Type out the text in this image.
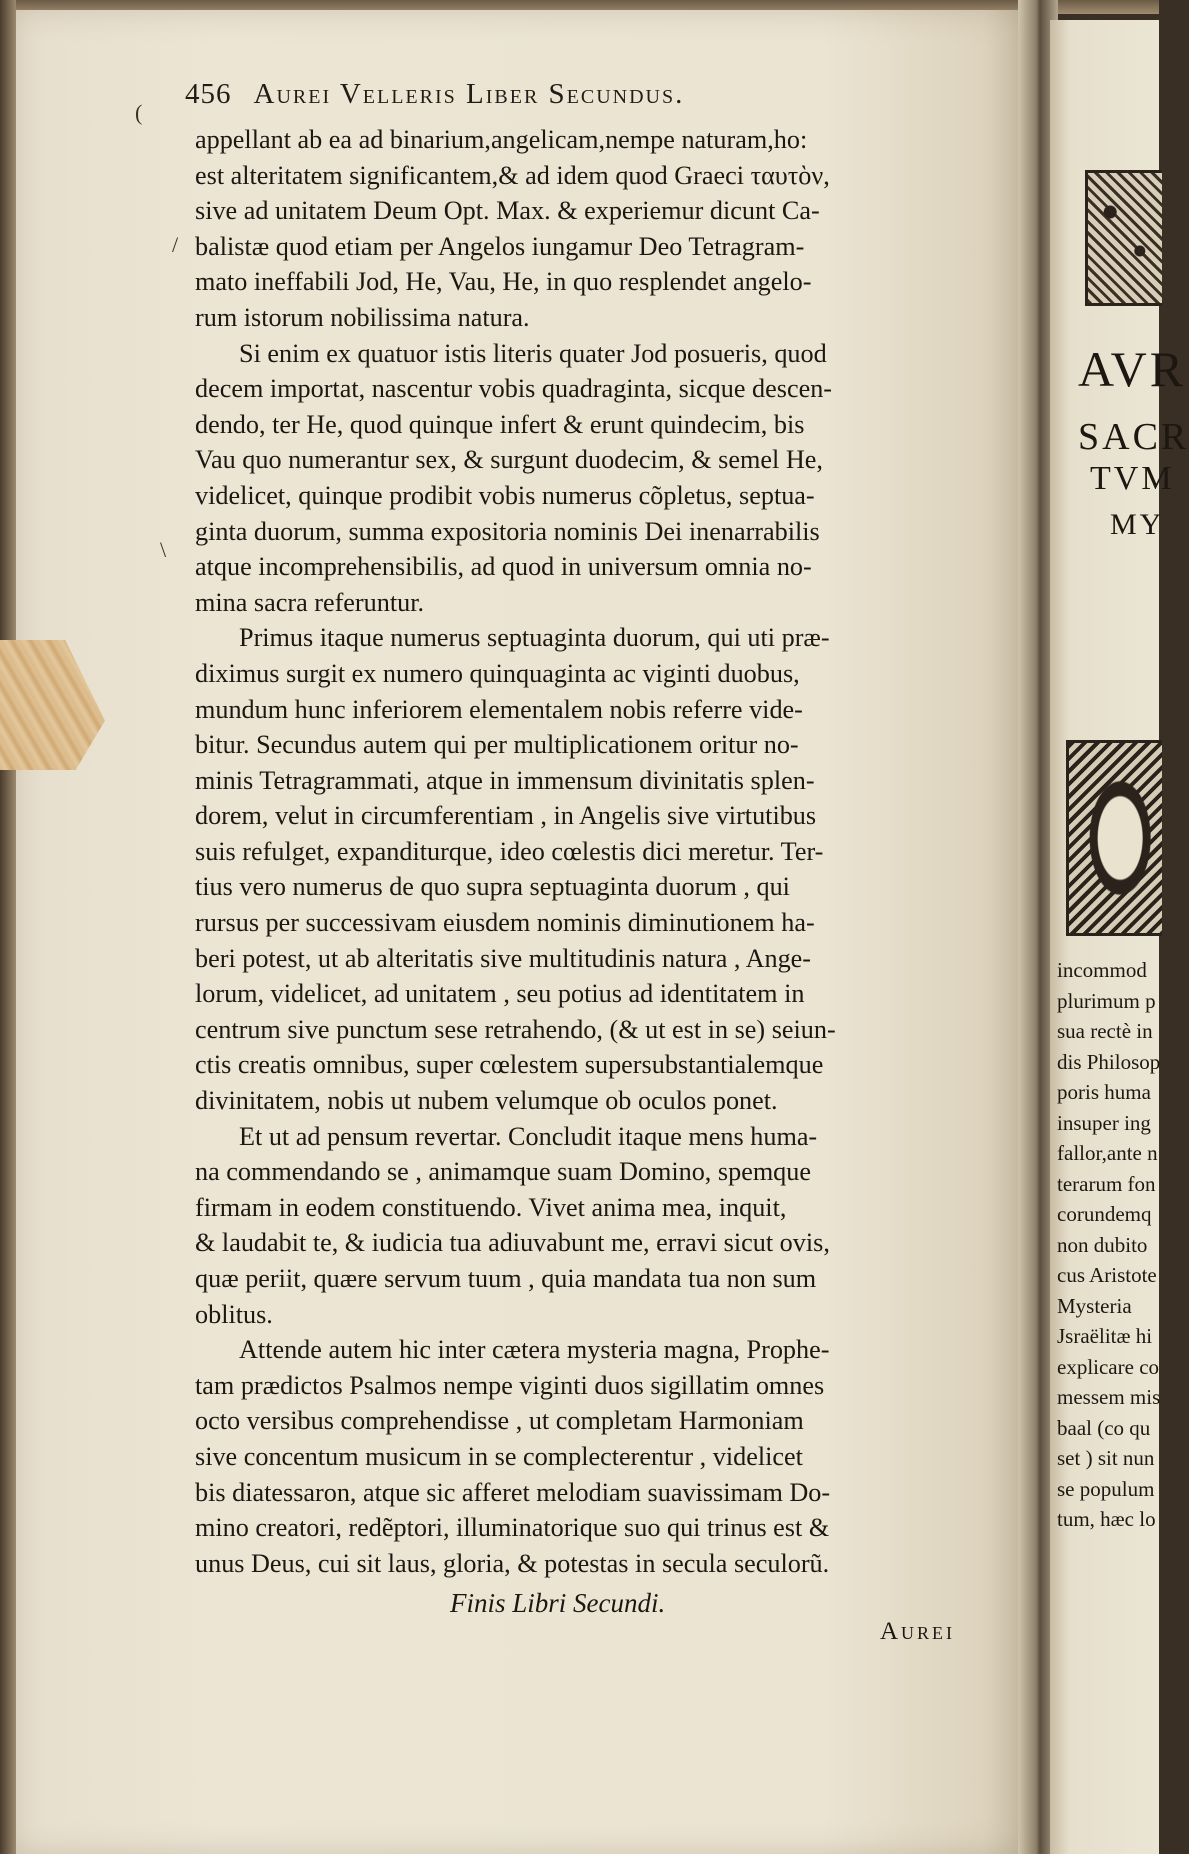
456 Aurei Velleris Liber Secundus.
(
/
\
appellant ab ea ad binarium,angelicam,nempe naturam,ho:
est alteritatem significantem,& ad idem quod Graeci ταυτὸν,
sive ad unitatem Deum Opt. Max. & experiemur dicunt Ca-
balistæ quod etiam per Angelos iungamur Deo Tetragram-
mato ineffabili Jod, He, Vau, He, in quo resplendet angelo-
rum istorum nobilissima natura.
Si enim ex quatuor istis literis quater Jod posueris, quod
decem importat, nascentur vobis quadraginta, sicque descen-
dendo, ter He, quod quinque infert & erunt quindecim, bis
Vau quo numerantur sex, & surgunt duodecim, & semel He,
videlicet, quinque prodibit vobis numerus cõpletus, septua-
ginta duorum, summa expositoria nominis Dei inenarrabilis
atque incomprehensibilis, ad quod in universum omnia no-
mina sacra referuntur.
Primus itaque numerus septuaginta duorum, qui uti præ-
diximus surgit ex numero quinquaginta ac viginti duobus,
mundum hunc inferiorem elementalem nobis referre vide-
bitur. Secundus autem qui per multiplicationem oritur no-
minis Tetragrammati, atque in immensum divinitatis splen-
dorem, velut in circumferentiam , in Angelis sive virtutibus
suis refulget, expanditurque, ideo cœlestis dici meretur. Ter-
tius vero numerus de quo supra septuaginta duorum , qui
rursus per successivam eiusdem nominis diminutionem ha-
beri potest, ut ab alteritatis sive multitudinis natura , Ange-
lorum, videlicet, ad unitatem , seu potius ad identitatem in
centrum sive punctum sese retrahendo, (& ut est in se) seiun-
ctis creatis omnibus, super cœlestem supersubstantialemque
divinitatem, nobis ut nubem velumque ob oculos ponet.
Et ut ad pensum revertar. Concludit itaque mens huma-
na commendando se , animamque suam Domino, spemque
firmam in eodem constituendo. Vivet anima mea, inquit,
& laudabit te, & iudicia tua adiuvabunt me, erravi sicut ovis,
quæ periit, quære servum tuum , quia mandata tua non sum
oblitus.
Attende autem hic inter cætera mysteria magna, Prophe-
tam prædictos Psalmos nempe viginti duos sigillatim omnes
octo versibus comprehendisse , ut completam Harmoniam
sive concentum musicum in se complecterentur , videlicet
bis diatessaron, atque sic afferet melodiam suavissimam Do-
mino creatori, redẽptori, illuminatorique suo qui trinus est &
unus Deus, cui sit laus, gloria, & potestas in secula seculorũ.
Finis Libri Secundi.
Aurei
AVR
SACR
TVM
MY
incommod
plurimum p
sua rectè in
dis Philosop
poris huma
insuper ing
fallor,ante n
terarum fon
corundemq
non dubito
cus Aristote
Mysteria
Jsraëlitæ hi
explicare co
messem mis
baal (co qu
set ) sit nun
se populum
tum, hæc lo
